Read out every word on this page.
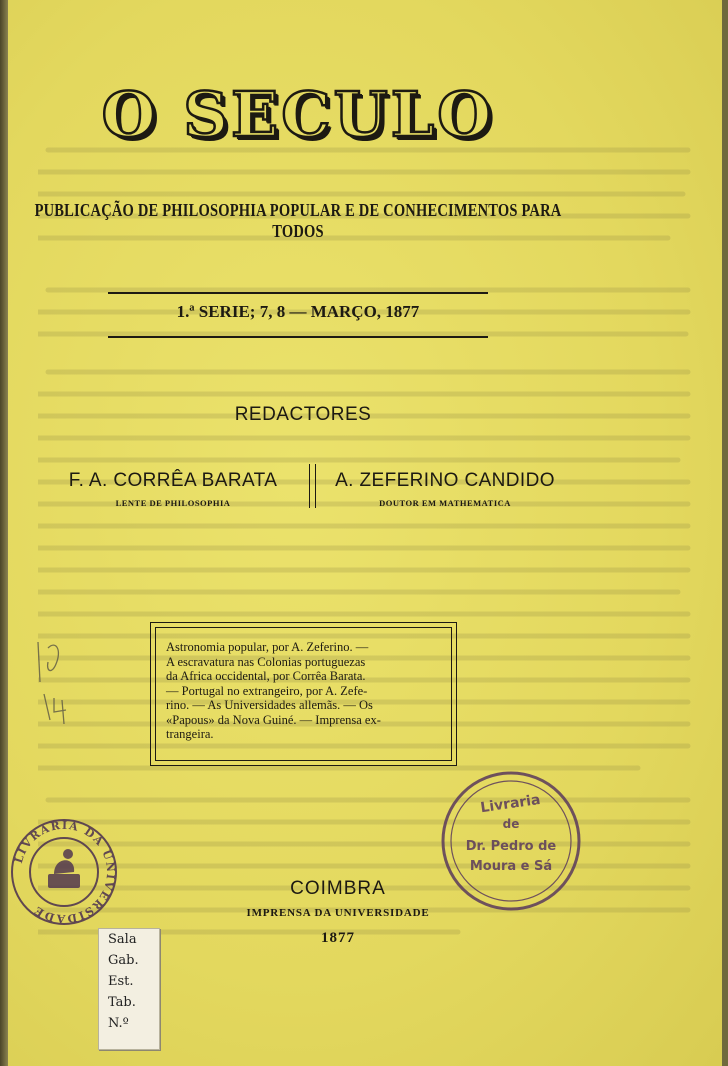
O SECULO
PUBLICAÇÃO DE PHILOSOPHIA POPULAR E DE CONHECIMENTOS PARA TODOS
1.ª SERIE; 7, 8 — MARÇO, 1877
REDACTORES
F. A. CORRÊA BARATA
LENTE DE PHILOSOPHIA
A. ZEFERINO CANDIDO
DOUTOR EM MATHEMATICA
Astronomia popular, por A. Zeferino. —
A escravatura nas Colonias portuguezas
da Africa occidental, por Corrêa Barata.
— Portugal no extrangeiro, por A. Zefe-
rino. — As Universidades allemãs. — Os
«Papous» da Nova Guiné. — Imprensa ex-
trangeira.
COIMBRA
IMPRENSA DA UNIVERSIDADE
1877
LIVRARIA DA UNIVERSIDADE
Livraria
de
Dr. Pedro de
Moura e Sá
Sala
Gab.
Est.
Tab.
N.º
